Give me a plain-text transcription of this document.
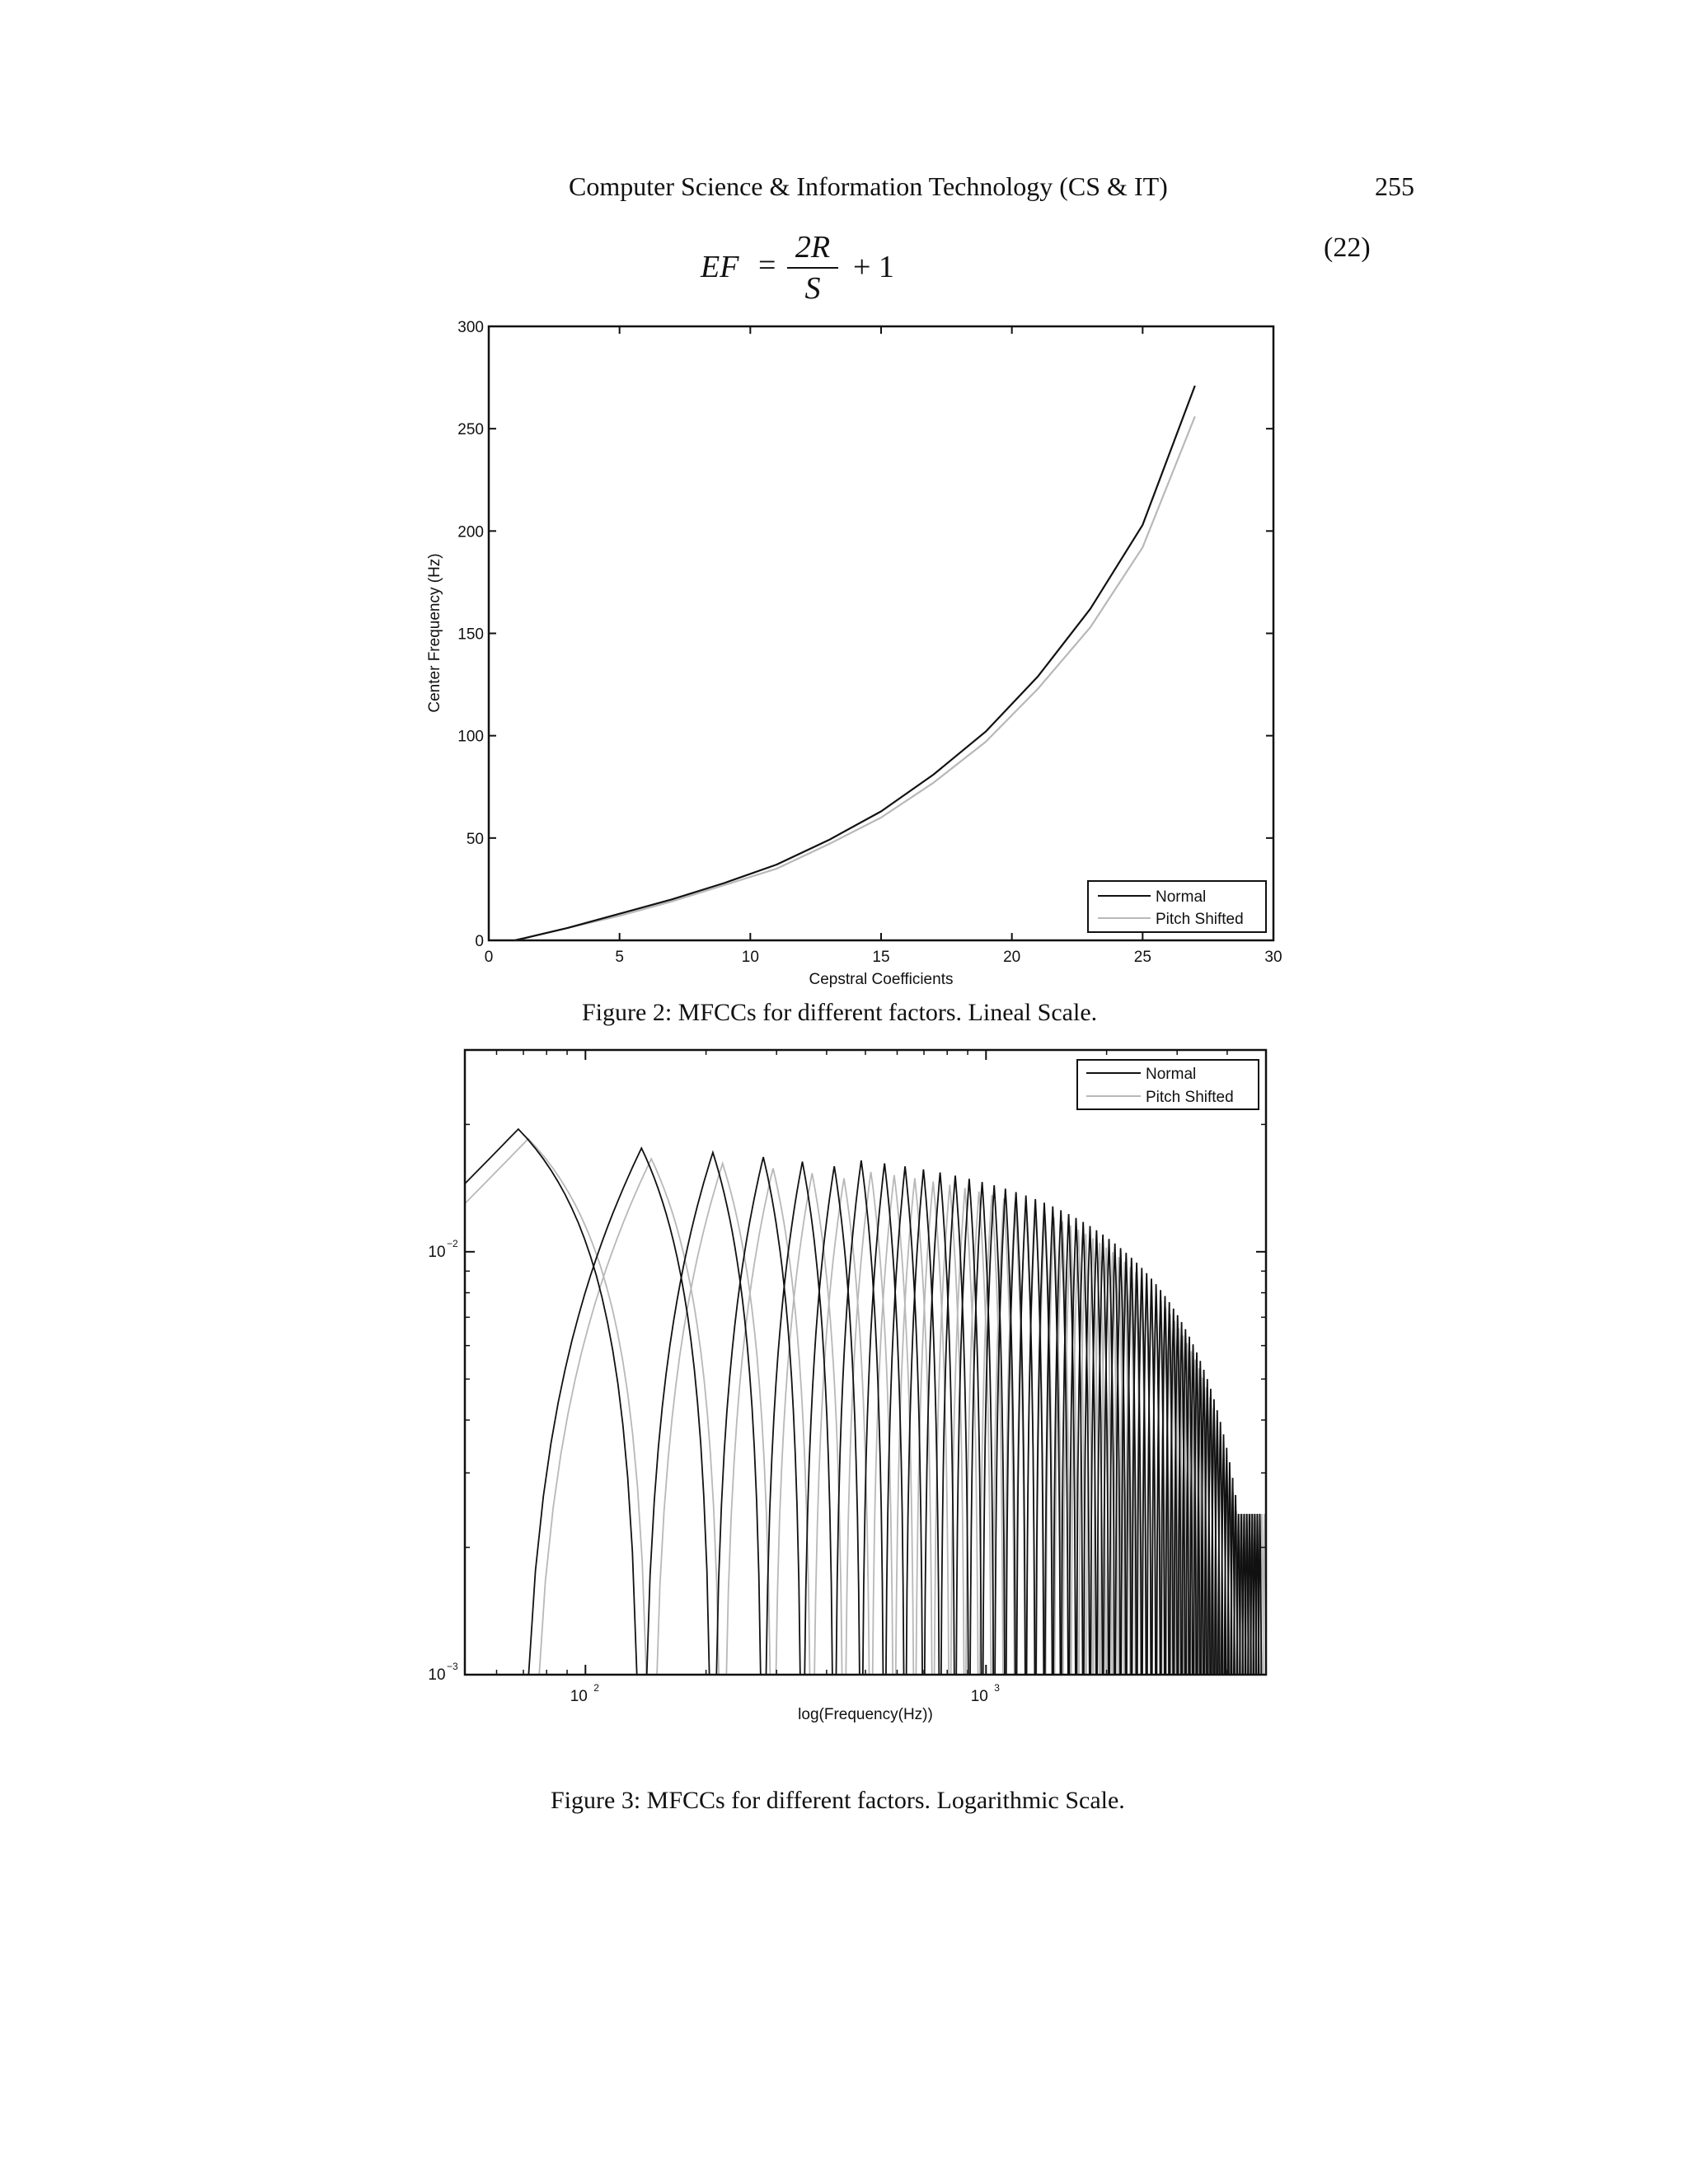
Computer Science & Information Technology (CS & IT)	255
EF =
2R
S
+ 1
(22)
0	5	10	15	20	25	30
0
50
100
150
200
250
300
Cepstral Coefficients
Center Frequency (Hz)
Normal
Pitch Shifted
Figure 2: MFCCs for different factors. Lineal Scale.
10 2	10 3
10 −3
10 −2
log(Frequency(Hz))
Normal
Pitch Shifted
Figure 3: MFCCs for different factors. Logarithmic Scale.
